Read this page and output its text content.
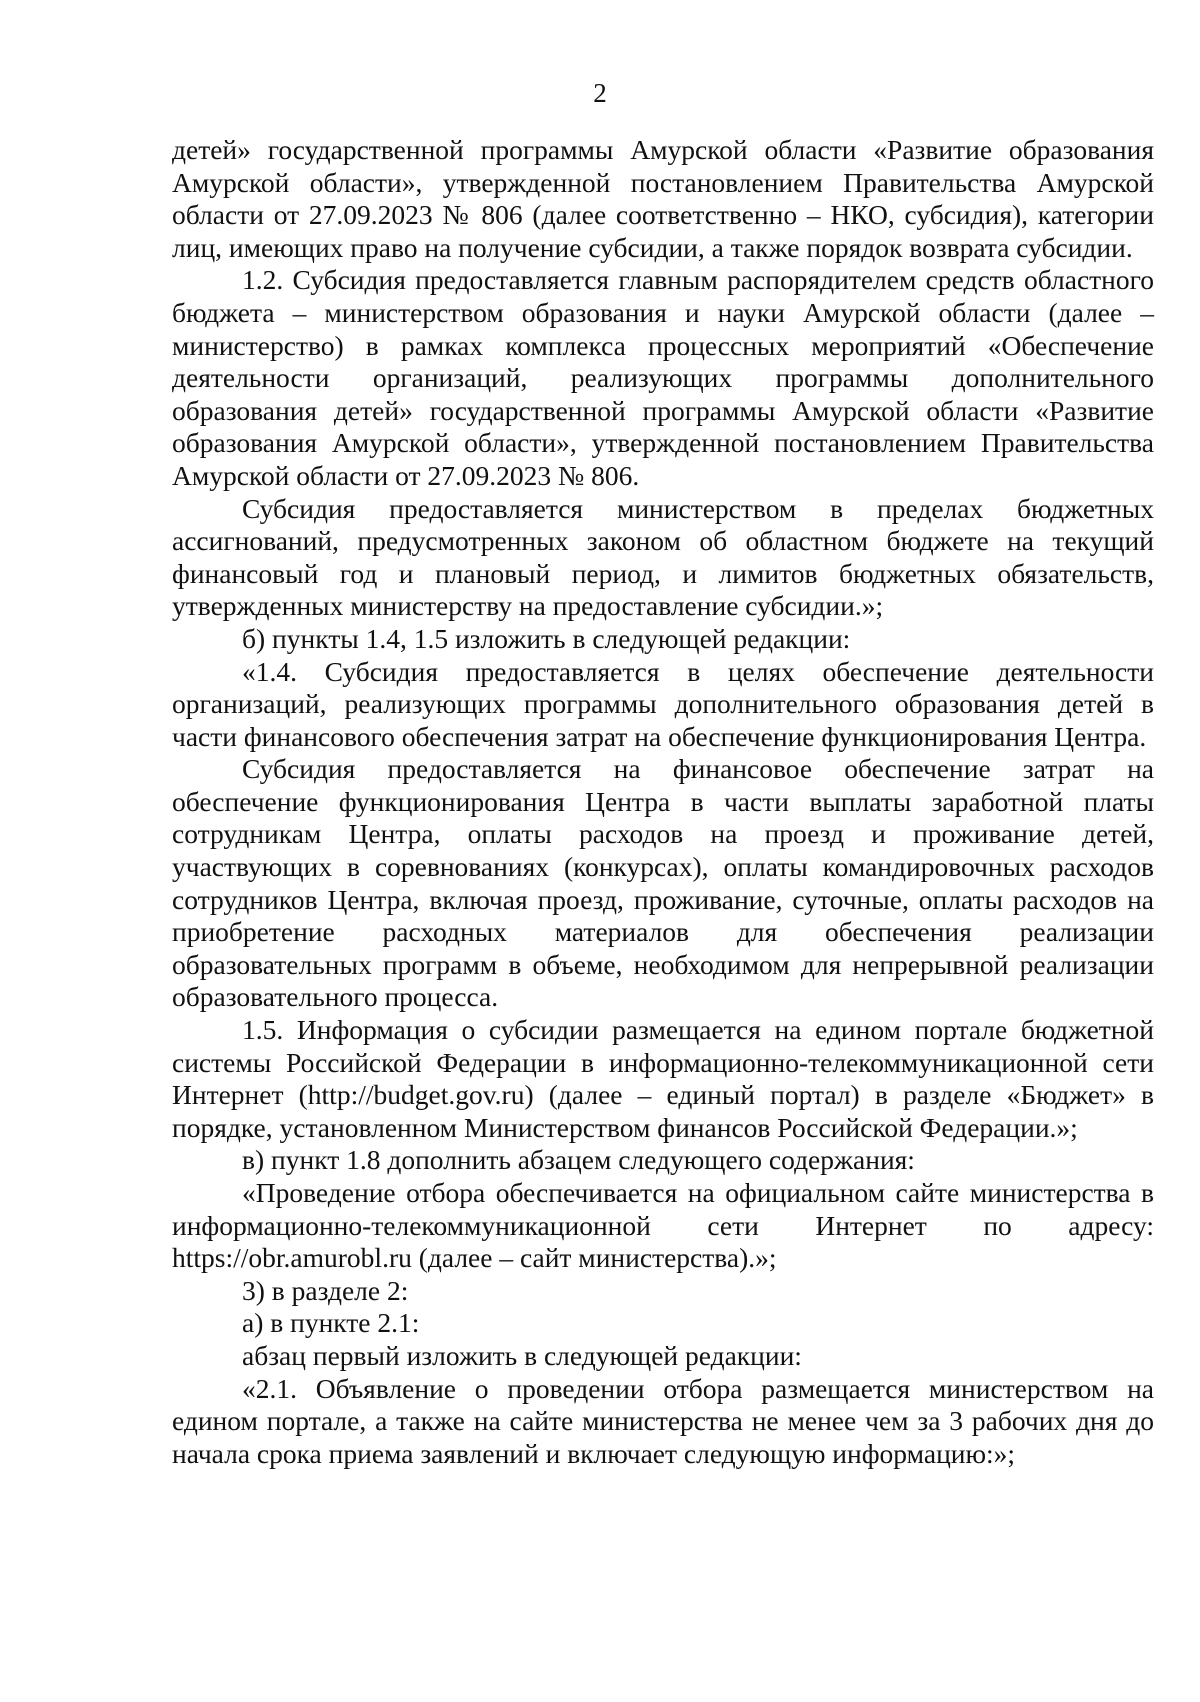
2

детей» государственной программы Амурской области «Развитие образования Амурской области», утвержденной постановлением Правительства Амурской области от 27.09.2023 № 806 (далее соответственно – НКО, субсидия), категории лиц, имеющих право на получение субсидии, а также порядок возврата субсидии.

1.2. Субсидия предоставляется главным распорядителем средств областного бюджета – министерством образования и науки Амурской области (далее – министерство) в рамках комплекса процессных мероприятий «Обеспечение деятельности организаций, реализующих программы дополнительного образования детей» государственной программы Амурской области «Развитие образования Амурской области», утвержденной постановлением Правительства Амурской области от 27.09.2023 № 806.

Субсидия предоставляется министерством в пределах бюджетных ассигнований, предусмотренных законом об областном бюджете на текущий финансовый год и плановый период, и лимитов бюджетных обязательств, утвержденных министерству на предоставление субсидии.»;

б) пункты 1.4, 1.5 изложить в следующей редакции:

«1.4. Субсидия предоставляется в целях обеспечение деятельности организаций, реализующих программы дополнительного образования детей в части финансового обеспечения затрат на обеспечение функционирования Центра.

Субсидия предоставляется на финансовое обеспечение затрат на обеспечение функционирования Центра в части выплаты заработной платы сотрудникам Центра, оплаты расходов на проезд и проживание детей, участвующих в соревнованиях (конкурсах), оплаты командировочных расходов сотрудников Центра, включая проезд, проживание, суточные, оплаты расходов на приобретение расходных материалов для обеспечения реализации образовательных программ в объеме, необходимом для непрерывной реализации образовательного процесса.

1.5. Информация о субсидии размещается на едином портале бюджетной системы Российской Федерации в информационно-телекоммуникационной сети Интернет (http://budget.gov.ru) (далее – единый портал) в разделе «Бюджет» в порядке, установленном Министерством финансов Российской Федерации.»;

в) пункт 1.8 дополнить абзацем следующего содержания:

«Проведение отбора обеспечивается на официальном сайте министерства в информационно-телекоммуникационной сети Интернет по адресу: https://obr.amurobl.ru (далее – сайт министерства).»;

3) в разделе 2:

а) в пункте 2.1:

абзац первый изложить в следующей редакции:

«2.1. Объявление о проведении отбора размещается министерством на едином портале, а также на сайте министерства не менее чем за 3 рабочих дня до начала срока приема заявлений и включает следующую информацию:»;
